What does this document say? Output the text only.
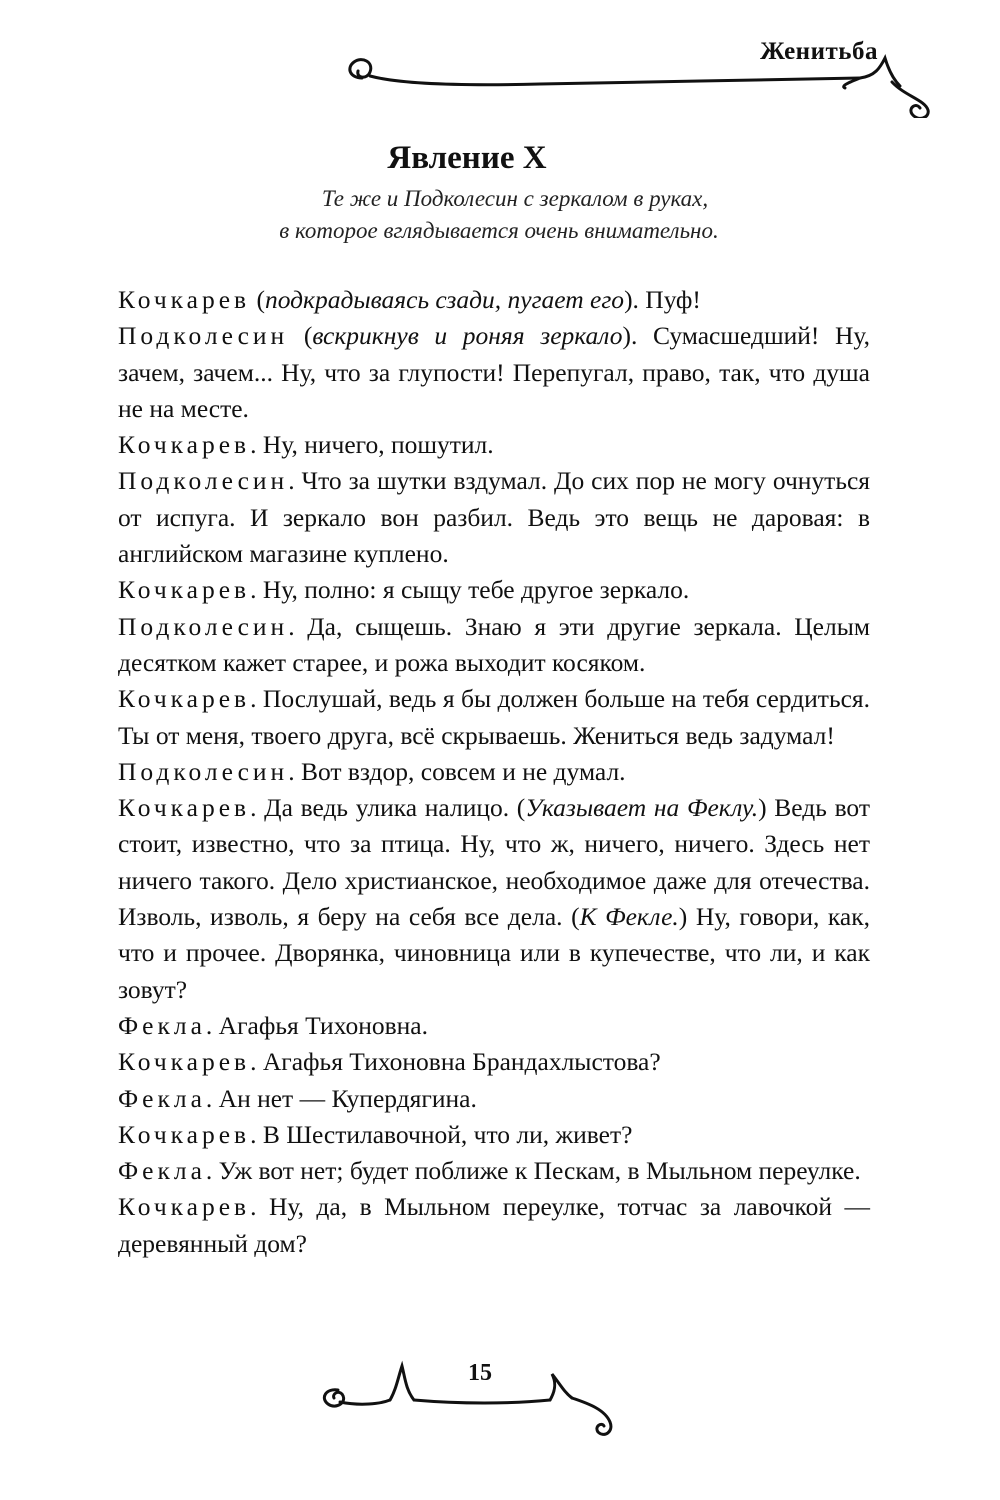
Женитьба
Явление X
Те же и Подколесин с зеркалом в руках,
в которое вглядывается очень внимательно.

Кочкарев (подкрадываясь сзади, пугает его). Пуф!

Подколесин (вскрикнув и роняя зеркало). Сумасшедший! Ну, зачем, зачем... Ну, что за глупости! Перепугал, право, так, что душа не на месте.

Кочкарев. Ну, ничего, пошутил.

Подколесин. Что за шутки вздумал. До сих пор не могу очнуться от испуга. И зеркало вон разбил. Ведь это вещь не даровая: в английском магазине куплено.

Кочкарев. Ну, полно: я сыщу тебе другое зеркало.

Подколесин. Да, сыщешь. Знаю я эти другие зеркала. Целым десятком кажет старее, и рожа выходит косяком.

Кочкарев. Послушай, ведь я бы должен больше на тебя сердиться. Ты от меня, твоего друга, всё скрываешь. Жениться ведь задумал!

Подколесин. Вот вздор, совсем и не думал.

Кочкарев. Да ведь улика налицо. (Указывает на Феклу.) Ведь вот стоит, известно, что за птица. Ну, что ж, ничего, ничего. Здесь нет ничего такого. Дело христианское, необходимое даже для отечества. Изволь, изволь, я беру на себя все дела. (К Фекле.) Ну, говори, как, что и прочее. Дворянка, чиновница или в купечестве, что ли, и как зовут?

Фекла. Агафья Тихоновна.

Кочкарев. Агафья Тихоновна Брандахлыстова?

Фекла. Ан нет — Купердягина.

Кочкарев. В Шестилавочной, что ли, живет?

Фекла. Уж вот нет; будет поближе к Пескам, в Мыльном переулке.

Кочкарев. Ну, да, в Мыльном переулке, тотчас за лавочкой — деревянный дом?

15
